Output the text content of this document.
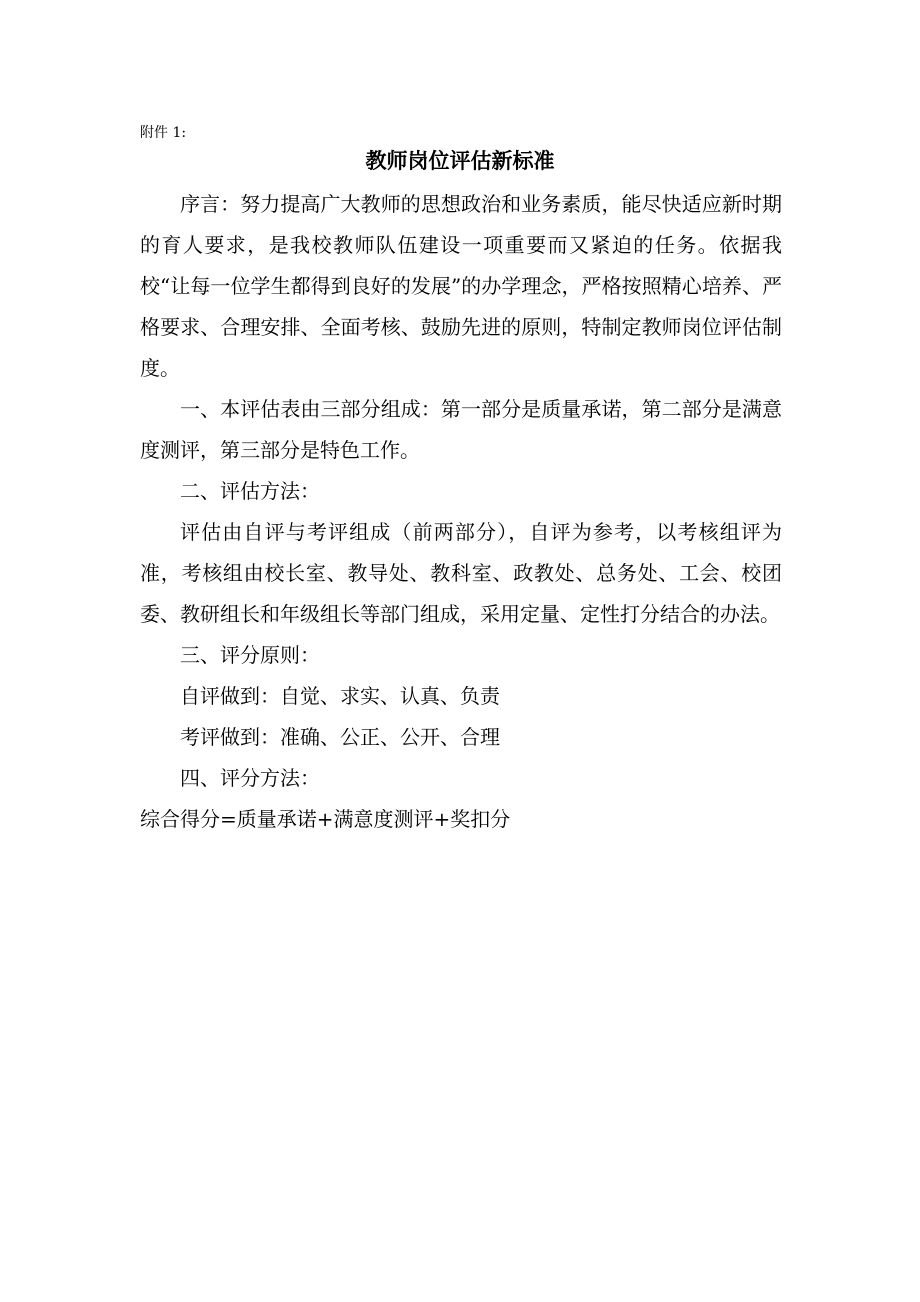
附件 1:
教师岗位评估新标准

序言：努力提高广大教师的思想政治和业务素质，能尽快适应新时期的育人要求，是我校教师队伍建设一项重要而又紧迫的任务。依据我校“让每一位学生都得到良好的发展”的办学理念，严格按照精心培养、严格要求、合理安排、全面考核、鼓励先进的原则，特制定教师岗位评估制度。

一、本评估表由三部分组成：第一部分是质量承诺，第二部分是满意度测评，第三部分是特色工作。

二、评估方法：

评估由自评与考评组成（前两部分），自评为参考，以考核组评为准，考核组由校长室、教导处、教科室、政教处、总务处、工会、校团委、教研组长和年级组长等部门组成，采用定量、定性打分结合的办法。

三、评分原则：

自评做到：自觉、求实、认真、负责

考评做到：准确、公正、公开、合理

四、评分方法：

综合得分=质量承诺+满意度测评+奖扣分
